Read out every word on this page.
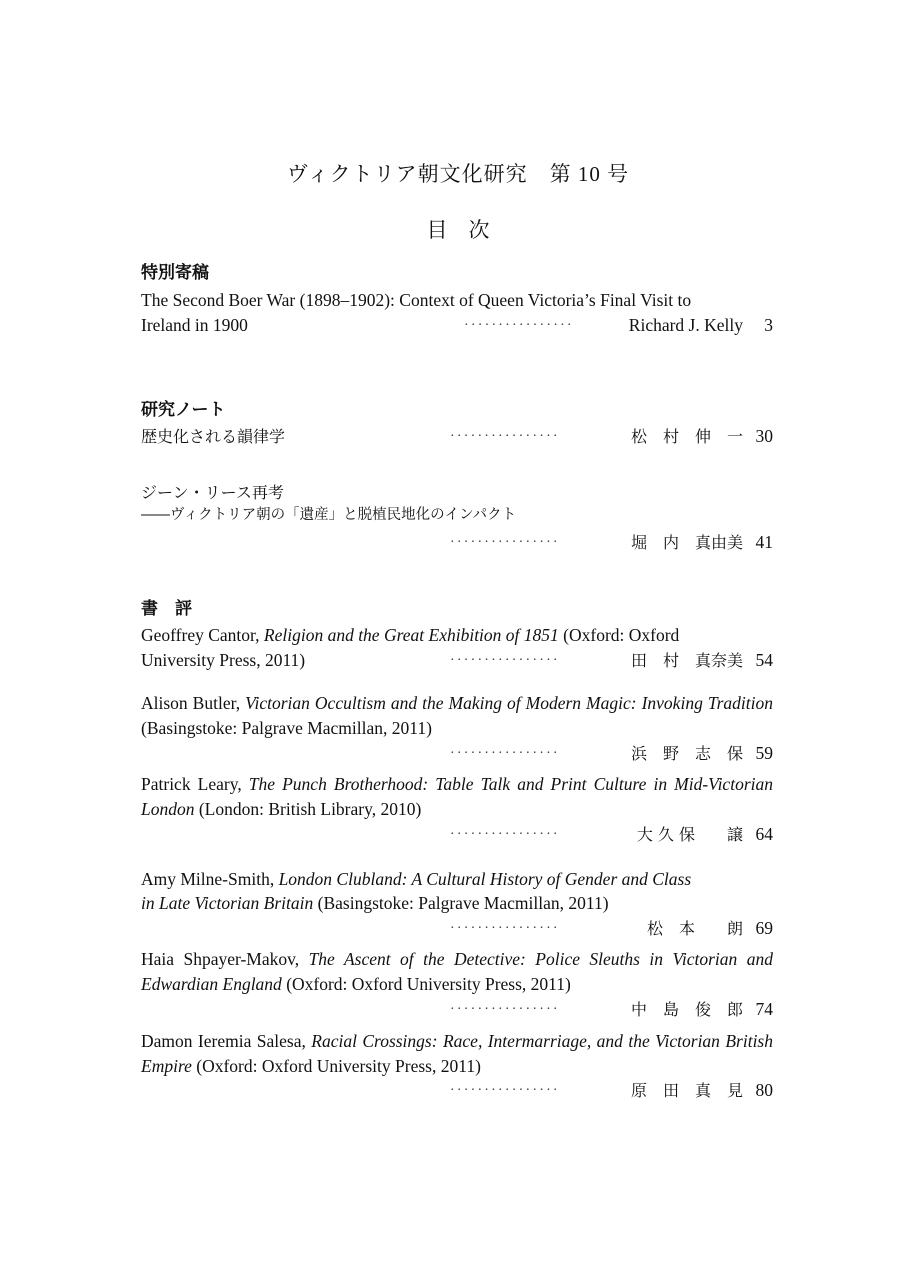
ヴィクトリア朝文化研究　第 10 号
目　次
特別寄稿
The Second Boer War (1898–1902): Context of Queen Victoria’s Final Visit to
Ireland in 1900	················	Richard J. Kelly 3
研究ノート
歴史化される韻律学	················	松　村　伸　一 30
ジーン・リース再考
――ヴィクトリア朝の「遺産」と脱植民地化のインパクト
················	堀　内　真由美 41
書　評
Geoffrey Cantor, Religion and the Great Exhibition of 1851 (Oxford: Oxford
University Press, 2011)	················	田　村　真奈美 54
Alison Butler, Victorian Occultism and the Making of Modern Magic: Invoking Tradition (Basingstoke: Palgrave Macmillan, 2011)
················	浜　野　志　保 59
Patrick Leary, The Punch Brotherhood: Table Talk and Print Culture in Mid-Victorian London (London: British Library, 2010)
················	大 久 保　　譲 64
Amy Milne-Smith, London Clubland: A Cultural History of Gender and Class
in Late Victorian Britain (Basingstoke: Palgrave Macmillan, 2011)
················	松　本　　朗 69
Haia Shpayer-Makov, The Ascent of the Detective: Police Sleuths in Victorian and Edwardian England (Oxford: Oxford University Press, 2011)
················	中　島　俊　郎 74
Damon Ieremia Salesa, Racial Crossings: Race, Intermarriage, and the Victorian British Empire (Oxford: Oxford University Press, 2011)
················	原　田　真　見 80
